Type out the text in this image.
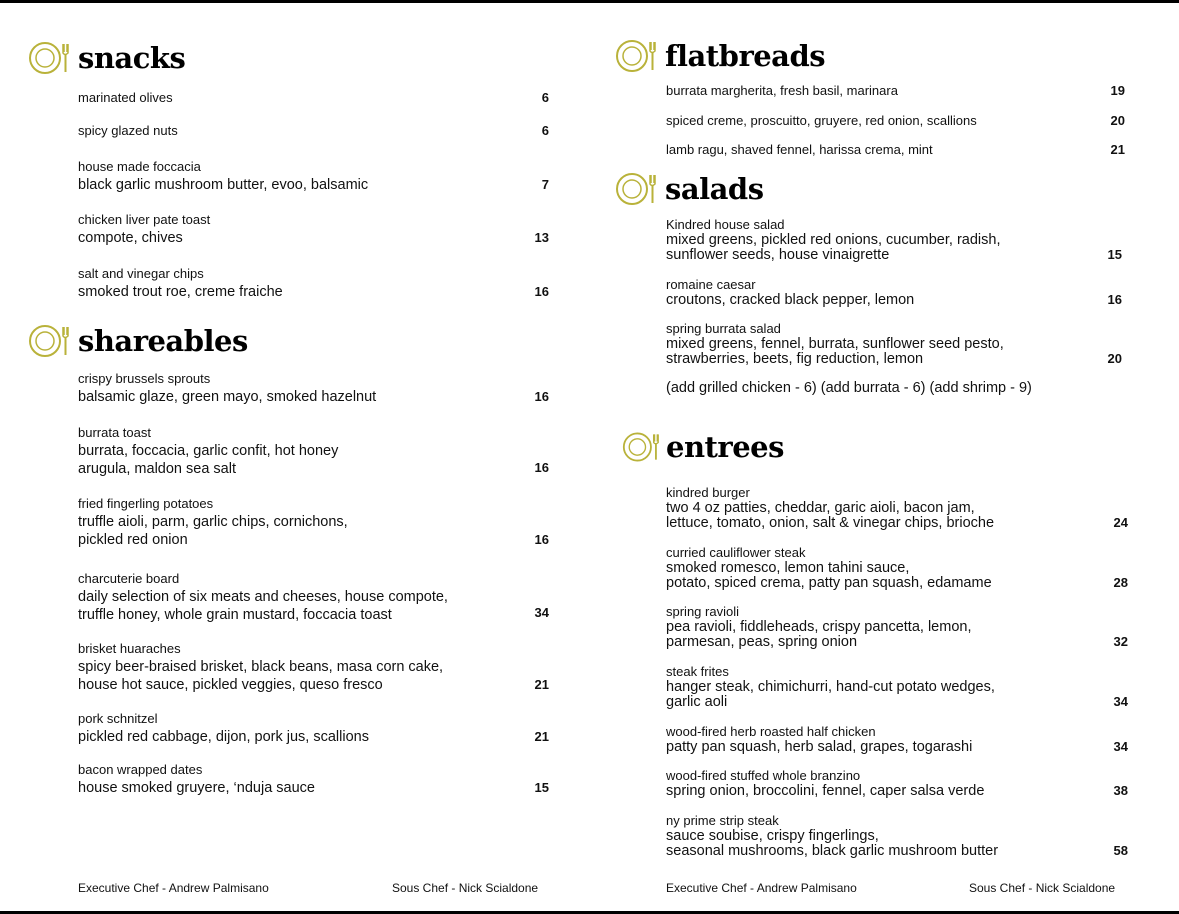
snacks
marinated olives	6
spicy glazed nuts	6
house made foccacia
black garlic mushroom butter, evoo, balsamic	7
chicken liver pate toast
compote, chives	13
salt and vinegar chips
smoked trout roe, creme fraiche	16
shareables
crispy brussels sprouts
balsamic glaze, green mayo, smoked hazelnut	16
burrata toast
burrata, foccacia, garlic confit, hot honey
arugula, maldon sea salt	16
fried fingerling potatoes
truffle aioli, parm, garlic chips, cornichons,
pickled red onion	16
charcuterie board
daily selection of six meats and cheeses, house compote,
truffle honey, whole grain mustard, foccacia toast	34
brisket huaraches
spicy beer-braised brisket, black beans, masa corn cake,
house hot sauce, pickled veggies, queso fresco	21
pork schnitzel
pickled red cabbage, dijon, pork jus, scallions	21
bacon wrapped dates
house smoked gruyere, ‘nduja sauce	15
Executive Chef - Andrew Palmisano	Sous Chef - Nick Scialdone
flatbreads
burrata margherita, fresh basil, marinara	19
spiced creme, proscuitto, gruyere, red onion, scallions	20
lamb ragu, shaved fennel, harissa crema, mint	21
salads
Kindred house salad
mixed greens, pickled red onions, cucumber, radish,
sunflower seeds, house vinaigrette	15
romaine caesar
croutons, cracked black pepper, lemon	16
spring burrata salad
mixed greens, fennel, burrata, sunflower seed pesto,
strawberries, beets, fig reduction, lemon	20
(add grilled chicken - 6) (add burrata - 6) (add shrimp - 9)
entrees
kindred burger
two 4 oz patties, cheddar, garic aioli, bacon jam,
lettuce, tomato, onion, salt & vinegar chips, brioche	24
curried cauliflower steak
smoked romesco, lemon tahini sauce,
potato, spiced crema, patty pan squash, edamame	28
spring ravioli
pea ravioli, fiddleheads, crispy pancetta, lemon,
parmesan, peas, spring onion	32
steak frites
hanger steak, chimichurri, hand-cut potato wedges,
garlic aoli	34
wood-fired herb roasted half chicken
patty pan squash, herb salad, grapes, togarashi	34
wood-fired stuffed whole branzino
spring onion, broccolini, fennel, caper salsa verde	38
ny prime strip steak
sauce soubise, crispy fingerlings,
seasonal mushrooms, black garlic mushroom butter	58
Executive Chef - Andrew Palmisano	Sous Chef - Nick Scialdone
